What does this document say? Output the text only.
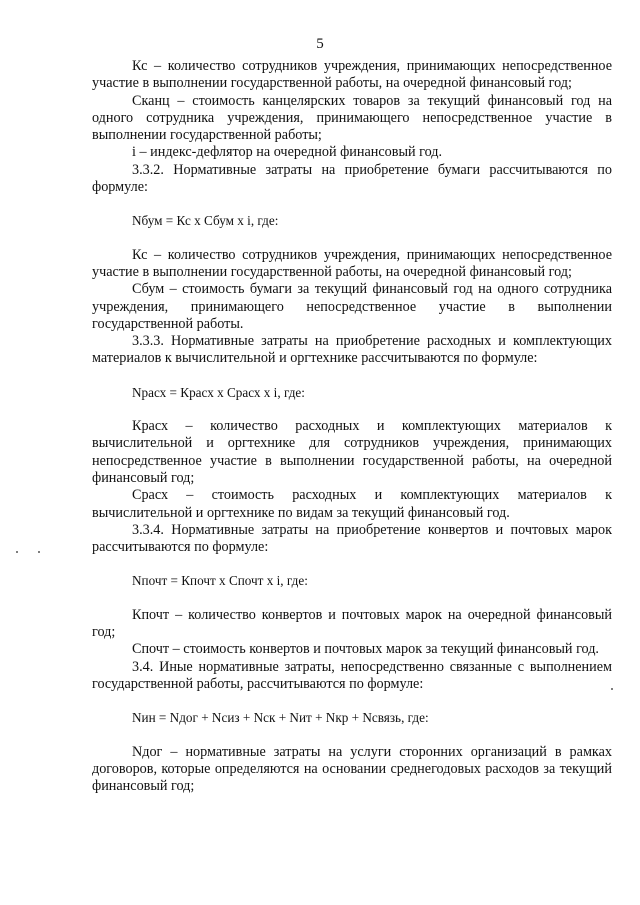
5

Кс – количество сотрудников учреждения, принимающих непосредственное участие в выполнении государственной работы, на очередной финансовый год;

Сканц – стоимость канцелярских товаров за текущий финансовый год на одного сотрудника учреждения, принимающего непосредственное участие в выполнении государственной работы;

i – индекс-дефлятор на очередной финансовый год.

3.3.2. Нормативные затраты на приобретение бумаги рассчитываются по формуле:

Nбум = Кс х Сбум х i, где:

Кс – количество сотрудников учреждения, принимающих непосредственное участие в выполнении государственной работы, на очередной финансовый год;

Сбум – стоимость бумаги за текущий финансовый год на одного сотрудника учреждения, принимающего непосредственное участие в выполнении государственной работы.

3.3.3. Нормативные затраты на приобретение расходных и комплектующих материалов к вычислительной и оргтехнике рассчитываются по формуле:

Nрасх = Красх х Срасх х i, где:

Красх – количество расходных и комплектующих материалов к вычислительной и оргтехнике для сотрудников учреждения, принимающих непосредственное участие в выполнении государственной работы, на очередной финансовый год;

Срасх – стоимость расходных и комплектующих материалов к вычислительной и оргтехнике по видам за текущий финансовый год.

3.3.4. Нормативные затраты на приобретение конвертов и почтовых марок рассчитываются по формуле:

Nпочт = Кпочт х Спочт х i, где:

Кпочт – количество конвертов и почтовых марок на очередной финансовый год;

Спочт – стоимость конвертов и почтовых марок за текущий финансовый год.

3.4. Иные нормативные затраты, непосредственно связанные с выполнением государственной работы, рассчитываются по формуле:

Nин = Nдог + Nсиз + Nск + Nит + Nкр + Nсвязь, где:

Nдог – нормативные затраты на услуги сторонних организаций в рамках договоров, которые определяются на основании среднегодовых расходов за текущий финансовый год;
